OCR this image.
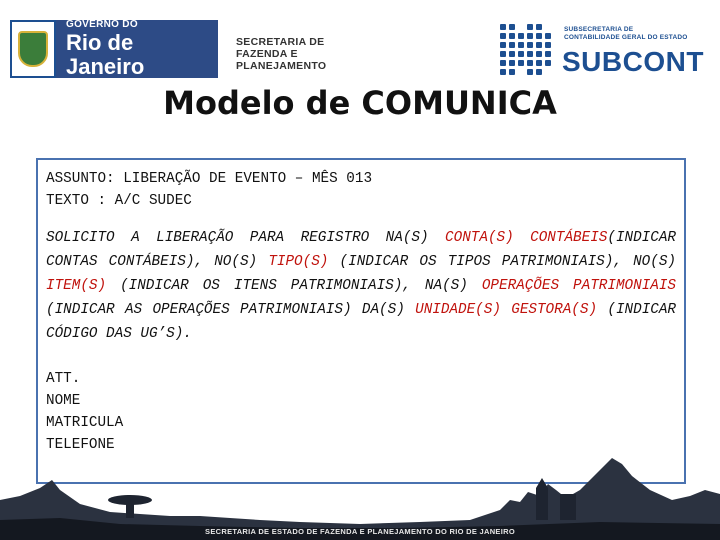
GOVERNO DO
Rio de Janeiro
SECRETARIA DE
FAZENDA E
PLANEJAMENTO
SUBSECRETARIA DE
CONTABILIDADE GERAL DO ESTADO
SUBCONT
Modelo de COMUNICA
ASSUNTO: LIBERAÇÃO DE EVENTO – MÊS 013
TEXTO : A/C SUDEC
SOLICITO A LIBERAÇÃO PARA REGISTRO NA(S) CONTA(S) CONTÁBEIS(INDICAR CONTAS CONTÁBEIS), NO(S) TIPO(S) (INDICAR OS TIPOS PATRIMONIAIS), NO(S) ITEM(S) (INDICAR OS ITENS PATRIMONIAIS), NA(S) OPERAÇÕES PATRIMONIAIS (INDICAR AS OPERAÇÕES PATRIMONIAIS) DA(S) UNIDADE(S) GESTORA(S) (INDICAR CÓDIGO DAS UG’S).
ATT.
NOME
MATRICULA
TELEFONE
SECRETARIA DE ESTADO DE FAZENDA E PLANEJAMENTO DO RIO DE JANEIRO
